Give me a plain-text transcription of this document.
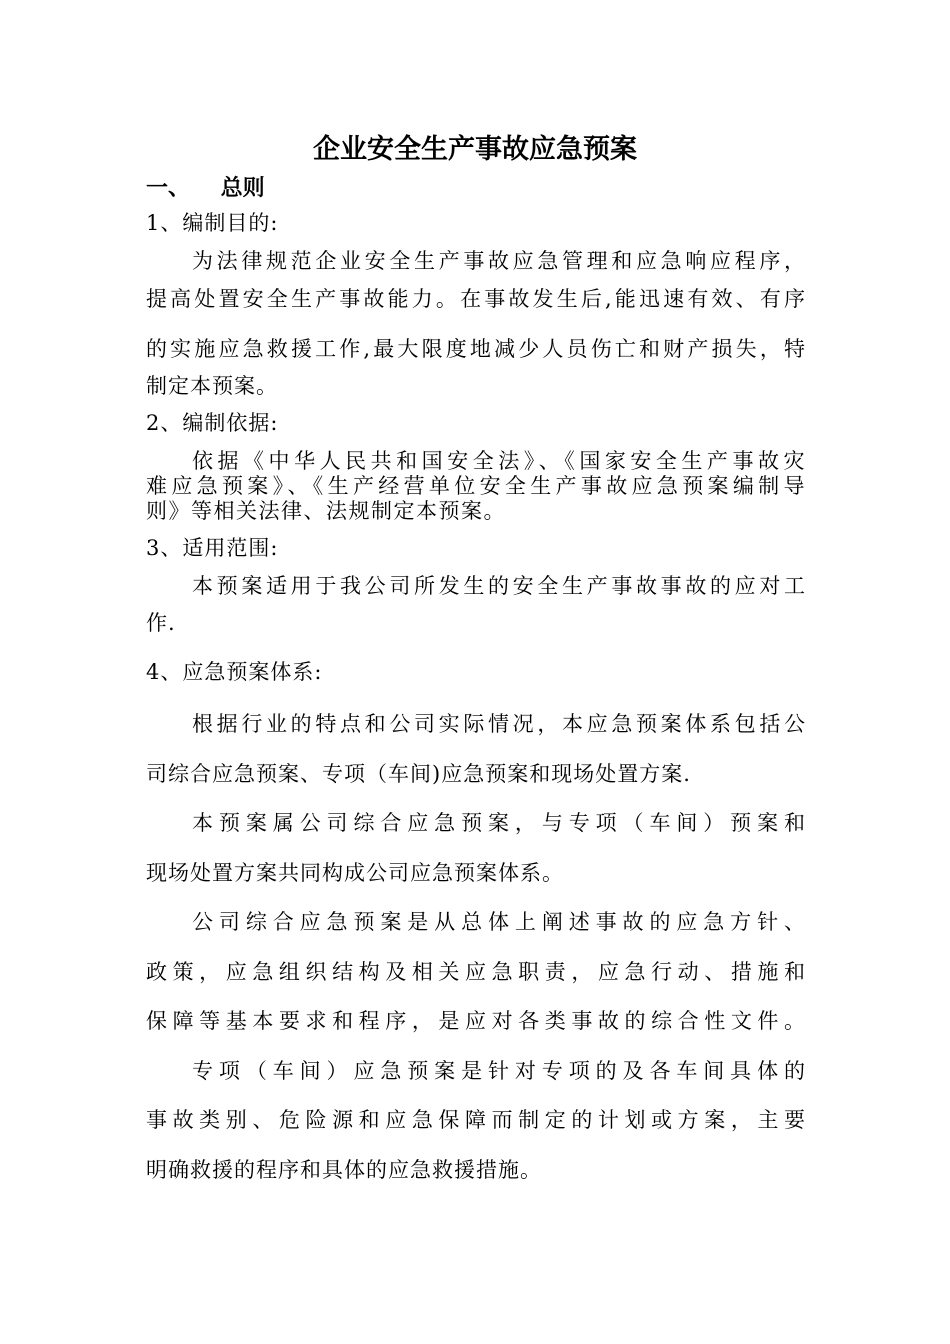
企业安全生产事故应急预案
一、    总则
1、编制目的:
为法律规范企业安全生产事故应急管理和应急响应程序，
提高处置安全生产事故能力。在事故发生后,能迅速有效、有序
的实施应急救援工作,最大限度地减少人员伤亡和财产损失，特
制定本预案。
2、编制依据:
依据《中华人民共和国安全法》、《国家安全生产事故灾
难应急预案》、《生产经营单位安全生产事故应急预案编制导
则》等相关法律、法规制定本预案。
3、适用范围:
本预案适用于我公司所发生的安全生产事故事故的应对工
作.
4、应急预案体系:
根据行业的特点和公司实际情况，本应急预案体系包括公
司综合应急预案、专项（车间)应急预案和现场处置方案.
本预案属公司综合应急预案，与专项（车间）预案和
现场处置方案共同构成公司应急预案体系。
公司综合应急预案是从总体上阐述事故的应急方针、
政策，应急组织结构及相关应急职责，应急行动、措施和
保障等基本要求和程序，是应对各类事故的综合性文件。
专项（车间）应急预案是针对专项的及各车间具体的
事故类别、危险源和应急保障而制定的计划或方案，主要
明确救援的程序和具体的应急救援措施。
